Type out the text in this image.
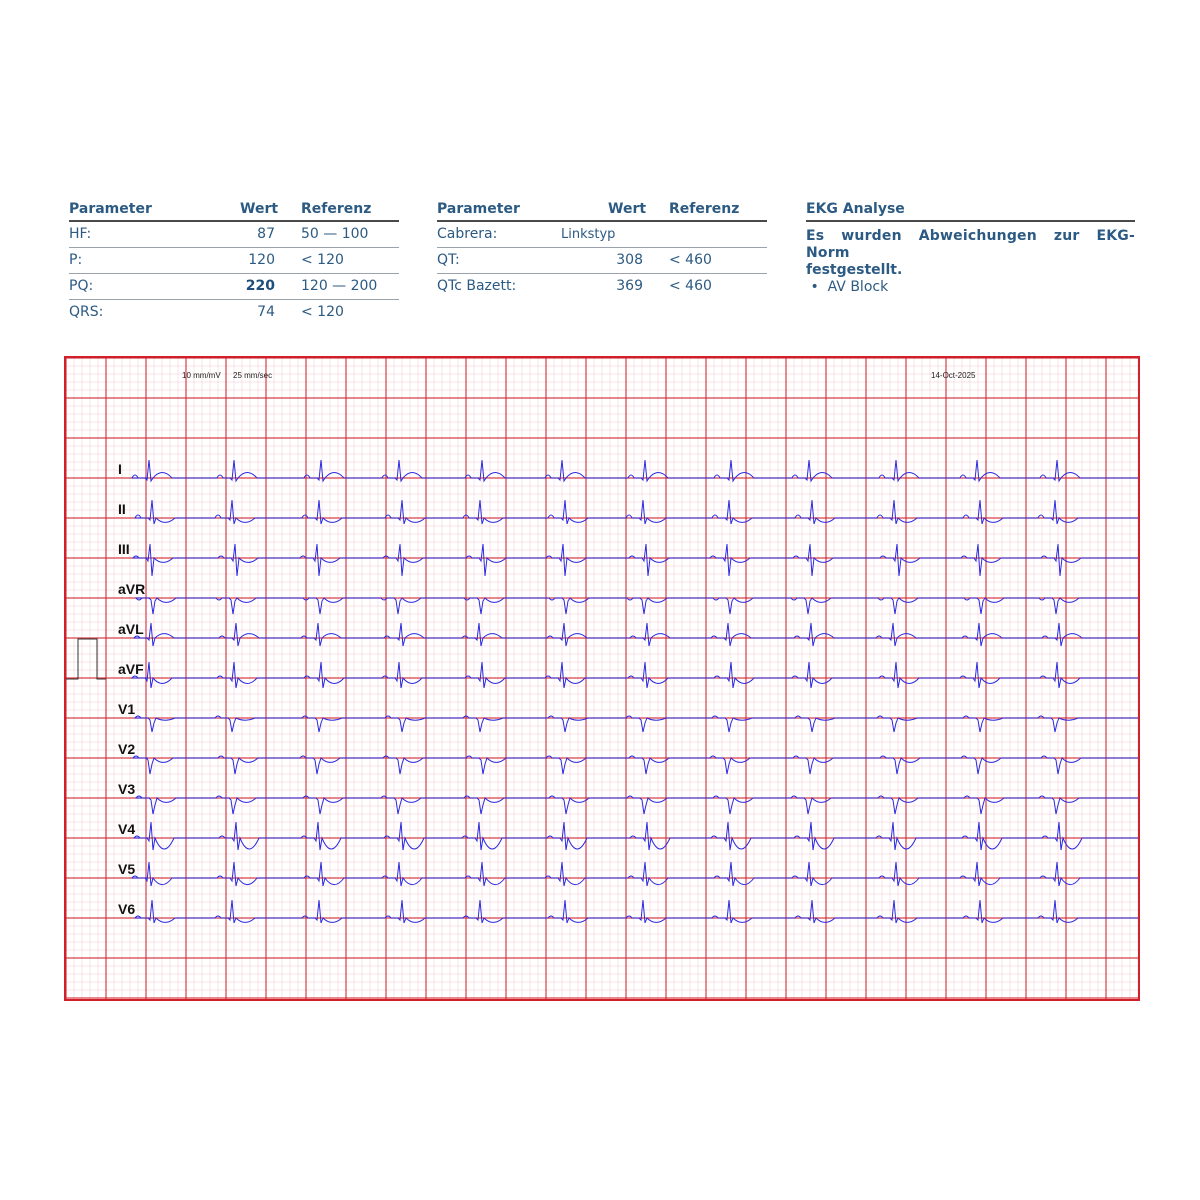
Parameter	Wert Referenz
HF:	87 50 — 100
P:	120 < 120
PQ:	220 120 — 200
QRS:	74 < 120
Parameter	Wert Referenz
Cabrera:	Linkstyp
QT:	308 < 460
QTc Bazett:	369 < 460
EKG Analyse
Es wurden Abweichungen zur EKG- Norm
festgestellt.
•  AV Block
I
II
III
aVR
aVL
aVF
V1
V2
V3
V4
V5
V6
10 mm/mV 25 mm/sec	14-Oct-2025
